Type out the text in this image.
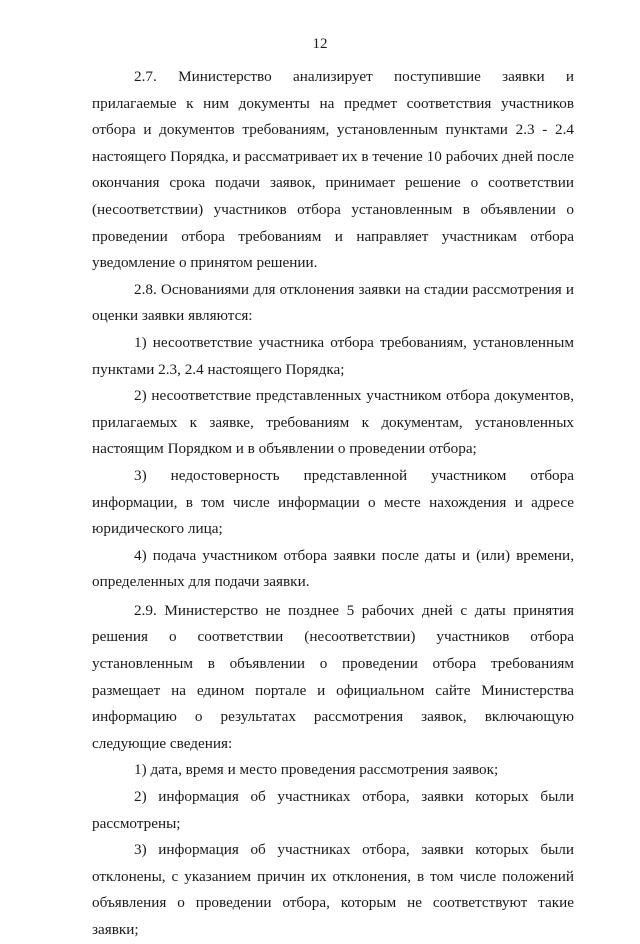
12

2.7. Министерство анализирует поступившие заявки и прилагаемые к ним документы на предмет соответствия участников отбора и документов требованиям, установленным пунктами 2.3 - 2.4 настоящего Порядка, и рассматривает их в течение 10 рабочих дней после окончания срока подачи заявок, принимает решение о соответствии (несоответствии) участников отбора установленным в объявлении о проведении отбора требованиям и направляет участникам отбора уведомление о принятом решении.

2.8. Основаниями для отклонения заявки на стадии рассмотрения и оценки заявки являются:

1) несоответствие участника отбора требованиям, установленным пунктами 2.3, 2.4 настоящего Порядка;

2) несоответствие представленных участником отбора документов, прилагаемых к заявке, требованиям к документам, установленных настоящим Порядком и в объявлении о проведении отбора;

3) недостоверность представленной участником отбора информации, в том числе информации о месте нахождения и адресе юридического лица;

4) подача участником отбора заявки после даты и (или) времени, определенных для подачи заявки.

2.9. Министерство не позднее 5 рабочих дней с даты принятия решения о соответствии (несоответствии) участников отбора установленным в объявлении о проведении отбора требованиям размещает на едином портале и официальном сайте Министерства информацию о результатах рассмотрения заявок, включающую следующие сведения:

1) дата, время и место проведения рассмотрения заявок;

2) информация об участниках отбора, заявки которых были рассмотрены;

3) информация об участниках отбора, заявки которых были отклонены, с указанием причин их отклонения, в том числе положений объявления о проведении отбора, которым не соответствуют такие заявки;
